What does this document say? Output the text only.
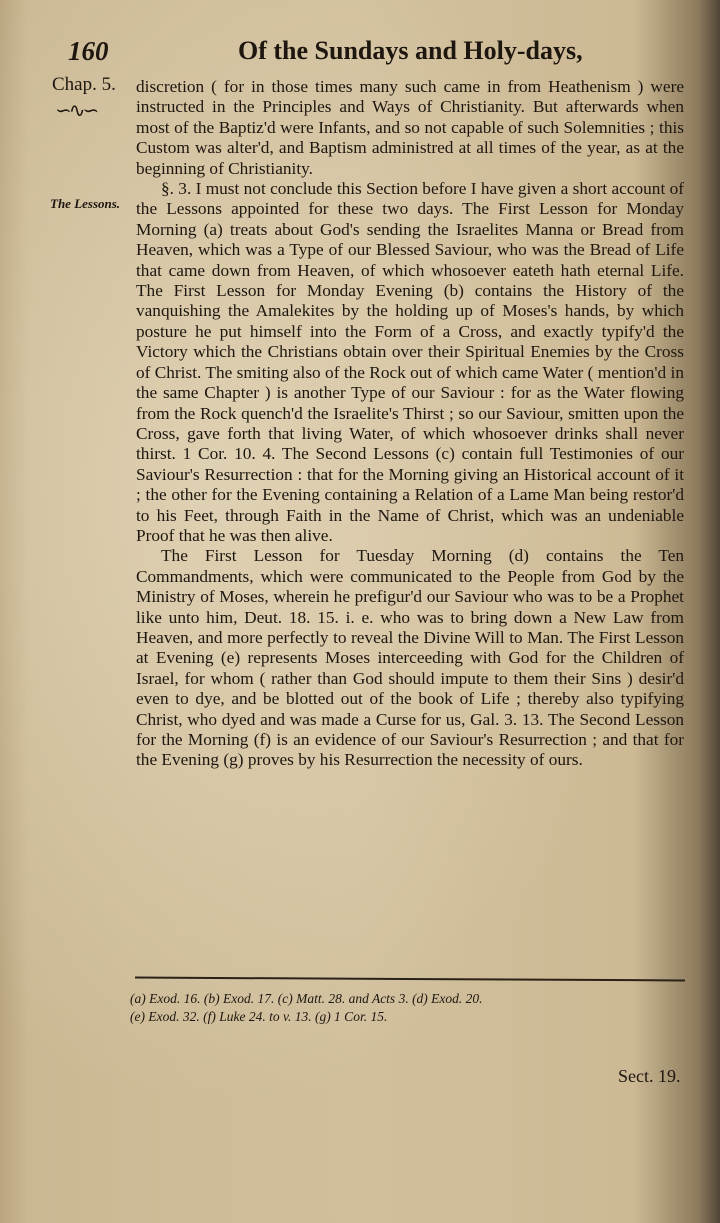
160	Of the Sundays and Holy-days,
Chap. 5.
∽∿∽
The Lessons.

discretion ( for in those times many such came in from Heathenism ) were instructed in the Principles and Ways of Christianity. But afterwards when most of the Baptiz'd were Infants, and so not capable of such Solemnities ; this Custom was alter'd, and Baptism administred at all times of the year, as at the beginning of Christianity.

§. 3. I must not conclude this Section before I have given a short account of the Lessons appointed for these two days. The First Lesson for Monday Morning (a) treats about God's sending the Israelites Manna or Bread from Heaven, which was a Type of our Blessed Saviour, who was the Bread of Life that came down from Heaven, of which whosoever eateth hath eternal Life. The First Lesson for Monday Evening (b) contains the History of the vanquishing the Amalekites by the holding up of Moses's hands, by which posture he put himself into the Form of a Cross, and exactly typify'd the Victory which the Christians obtain over their Spiritual Enemies by the Cross of Christ. The smiting also of the Rock out of which came Water ( mention'd in the same Chapter ) is another Type of our Saviour : for as the Water flowing from the Rock quench'd the Israelite's Thirst ; so our Saviour, smitten upon the Cross, gave forth that living Water, of which whosoever drinks shall never thirst. 1 Cor. 10. 4. The Second Lessons (c) contain full Testimonies of our Saviour's Resurrection : that for the Morning giving an Historical account of it ; the other for the Evening containing a Relation of a Lame Man being restor'd to his Feet, through Faith in the Name of Christ, which was an undeniable Proof that he was then alive.

The First Lesson for Tuesday Morning (d) contains the Ten Commandments, which were communicated to the People from God by the Ministry of Moses, wherein he prefigur'd our Saviour who was to be a Prophet like unto him, Deut. 18. 15. i. e. who was to bring down a New Law from Heaven, and more perfectly to reveal the Divine Will to Man. The First Lesson at Evening (e) represents Moses interceeding with God for the Children of Israel, for whom ( rather than God should impute to them their Sins ) desir'd even to dye, and be blotted out of the book of Life ; thereby also typifying Christ, who dyed and was made a Curse for us, Gal. 3. 13. The Second Lesson for the Morning (f) is an evidence of our Saviour's Resurrection ; and that for the Evening (g) proves by his Resurrection the necessity of ours.

(a) Exod. 16. (b) Exod. 17. (c) Matt. 28. and Acts 3. (d) Exod. 20.

(e) Exod. 32. (f) Luke 24. to v. 13. (g) 1 Cor. 15.

Sect. 19.
